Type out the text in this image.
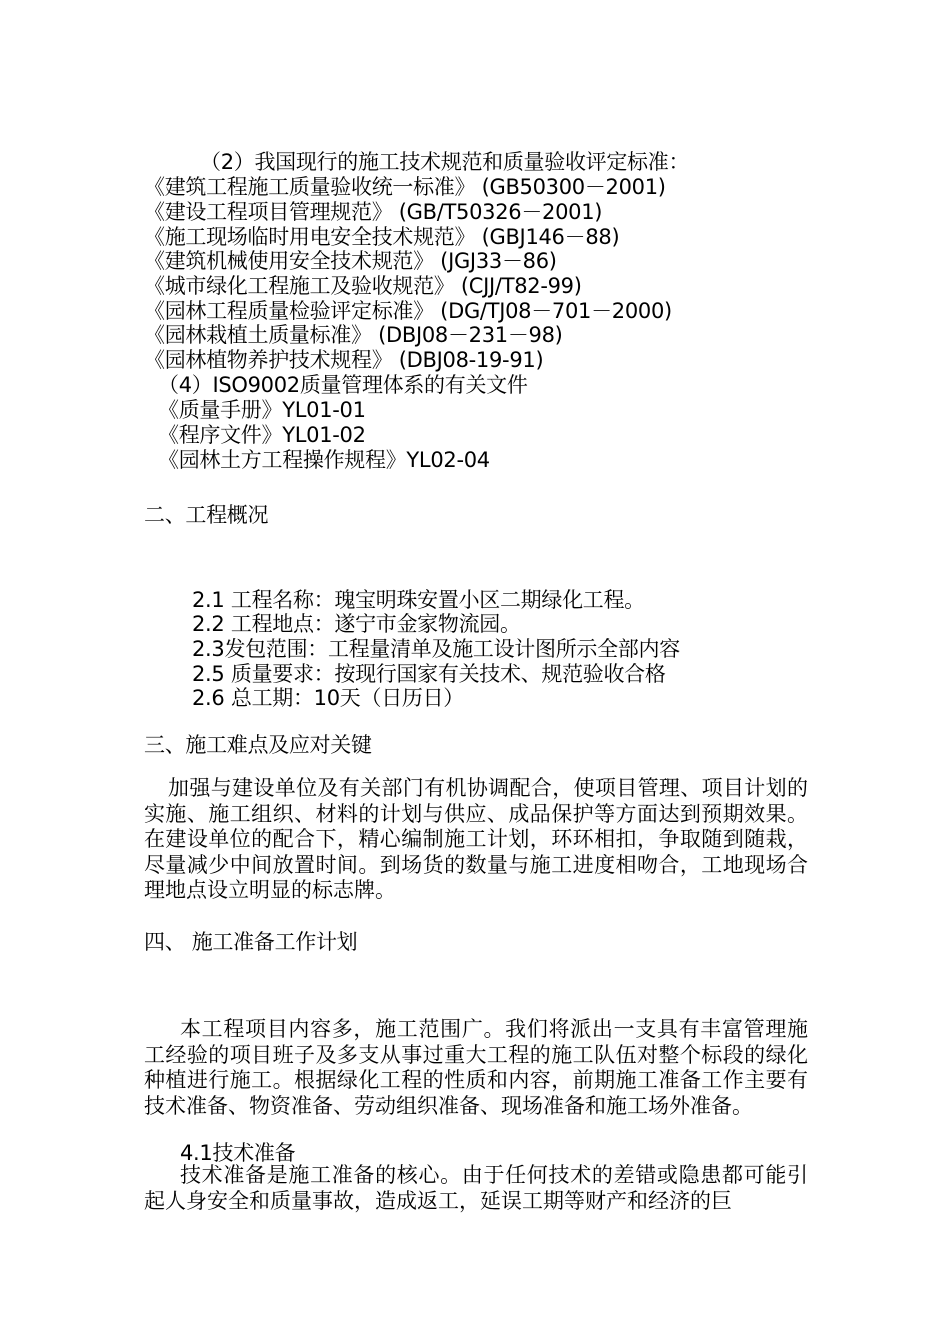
（2）我国现行的施工技术规范和质量验收评定标准：
《建筑工程施工质量验收统一标准》 (GB50300－2001)
《建设工程项目管理规范》 (GB/T50326－2001)
《施工现场临时用电安全技术规范》 (GBJ146－88)
《建筑机械使用安全技术规范》 (JGJ33－86)
《城市绿化工程施工及验收规范》 (CJJ/T82-99)
《园林工程质量检验评定标准》 (DG/TJ08－701－2000)
《园林栽植土质量标准》 (DBJ08－231－98)
《园林植物养护技术规程》 (DBJ08-19-91)
（4）ISO9002质量管理体系的有关文件
《质量手册》YL01-01
《程序文件》YL01-02
《园林土方工程操作规程》YL02-04
二、工程概况
2.1 工程名称：瑰宝明珠安置小区二期绿化工程。
2.2 工程地点：遂宁市金家物流园。
2.3发包范围：工程量清单及施工设计图所示全部内容
2.5 质量要求：按现行国家有关技术、规范验收合格
2.6 总工期：10天（日历日）
三、施工难点及应对关键
加强与建设单位及有关部门有机协调配合，使项目管理、项目计划的实施、施工组织、材料的计划与供应、成品保护等方面达到预期效果。在建设单位的配合下，精心编制施工计划，环环相扣，争取随到随栽，尽量减少中间放置时间。到场货的数量与施工进度相吻合，工地现场合理地点设立明显的标志牌。
四、 施工准备工作计划
本工程项目内容多，施工范围广。我们将派出一支具有丰富管理施工经验的项目班子及多支从事过重大工程的施工队伍对整个标段的绿化种植进行施工。根据绿化工程的性质和内容，前期施工准备工作主要有技术准备、物资准备、劳动组织准备、现场准备和施工场外准备。
4.1技术准备
技术准备是施工准备的核心。由于任何技术的差错或隐患都可能引起人身安全和质量事故，造成返工，延误工期等财产和经济的巨
